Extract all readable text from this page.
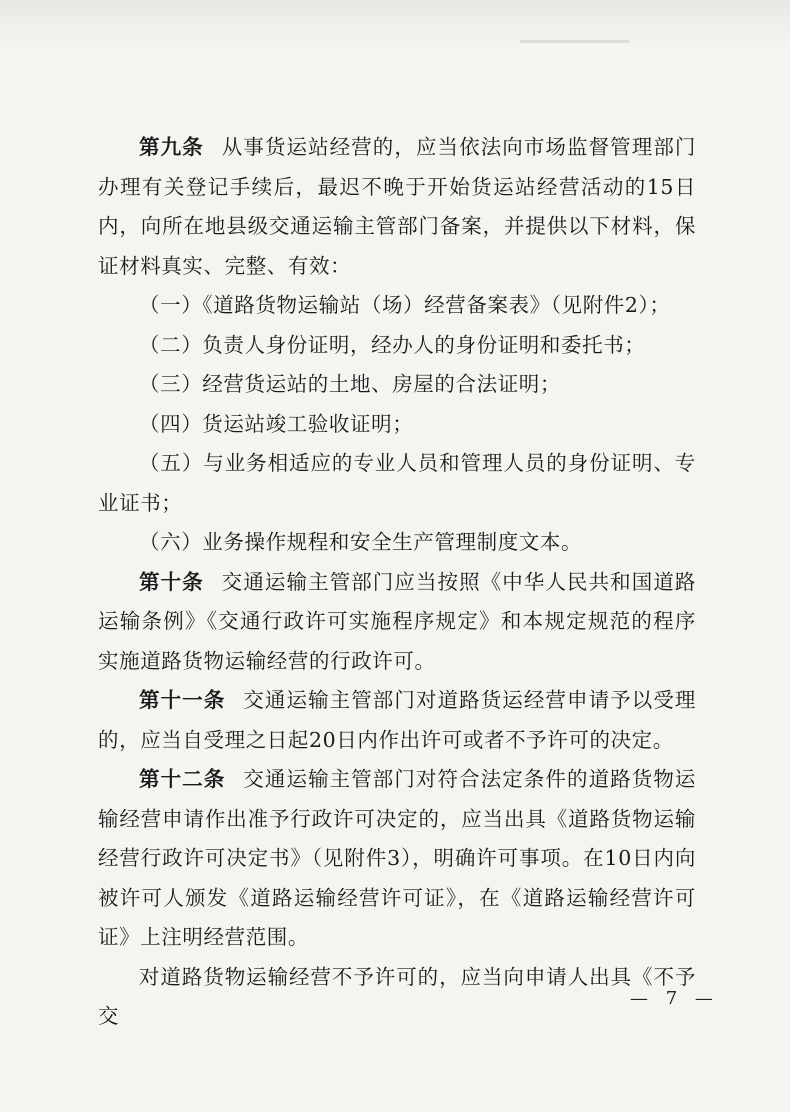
第九条 从事货运站经营的，应当依法向市场监督管理部门办理有关登记手续后，最迟不晚于开始货运站经营活动的15日内，向所在地县级交通运输主管部门备案，并提供以下材料，保证材料真实、完整、有效：

（一）《道路货物运输站（场）经营备案表》（见附件2）；

（二）负责人身份证明，经办人的身份证明和委托书；

（三）经营货运站的土地、房屋的合法证明；

（四）货运站竣工验收证明；

（五）与业务相适应的专业人员和管理人员的身份证明、专业证书；

（六）业务操作规程和安全生产管理制度文本。

第十条 交通运输主管部门应当按照《中华人民共和国道路运输条例》《交通行政许可实施程序规定》和本规定规范的程序实施道路货物运输经营的行政许可。

第十一条 交通运输主管部门对道路货运经营申请予以受理的，应当自受理之日起20日内作出许可或者不予许可的决定。

第十二条 交通运输主管部门对符合法定条件的道路货物运输经营申请作出准予行政许可决定的，应当出具《道路货物运输经营行政许可决定书》（见附件3），明确许可事项。在10日内向被许可人颁发《道路运输经营许可证》，在《道路运输经营许可证》上注明经营范围。

对道路货物运输经营不予许可的，应当向申请人出具《不予交

— 7 —
